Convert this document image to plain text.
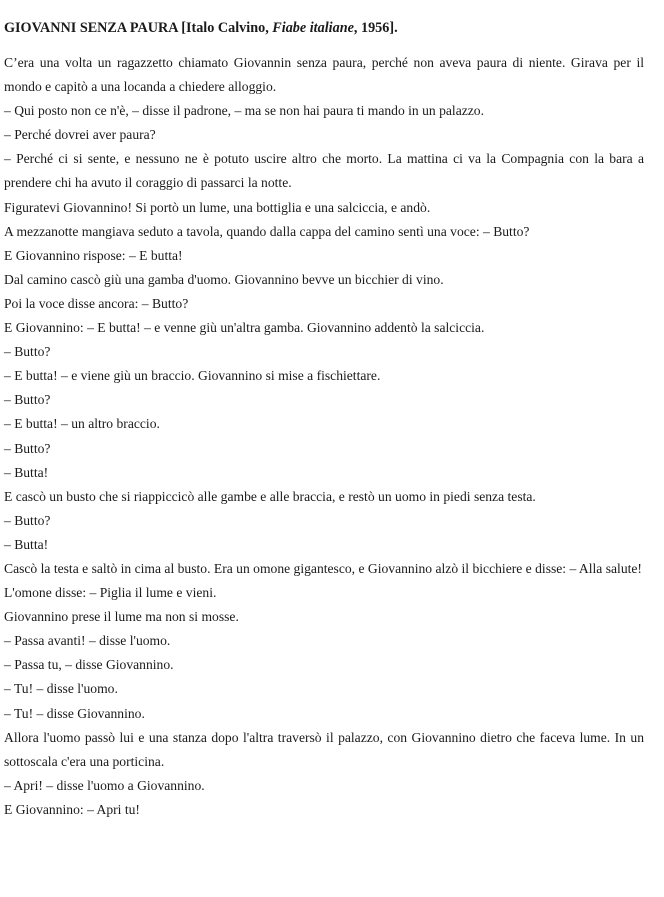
GIOVANNI SENZA PAURA [Italo Calvino, Fiabe italiane, 1956].

C’era una volta un ragazzetto chiamato Giovannin senza paura, perché non aveva paura di niente. Girava per il mondo e capitò a una locanda a chiedere alloggio.

– Qui posto non ce n'è, – disse il padrone, – ma se non hai paura ti mando in un palazzo.

– Perché dovrei aver paura?

– Perché ci si sente, e nessuno ne è potuto uscire altro che morto. La mattina ci va la Compagnia con la bara a prendere chi ha avuto il coraggio di passarci la notte.

Figuratevi Giovannino! Si portò un lume, una bottiglia e una salciccia, e andò.

A mezzanotte mangiava seduto a tavola, quando dalla cappa del camino sentì una voce: – Butto?

E Giovannino rispose: – E butta!

Dal camino cascò giù una gamba d'uomo. Giovannino bevve un bicchier di vino.

Poi la voce disse ancora: – Butto?

E Giovannino: – E butta! – e venne giù un'altra gamba. Giovannino addentò la salciccia.

– Butto?

– E butta! – e viene giù un braccio. Giovannino si mise a fischiettare.

– Butto?

– E butta! – un altro braccio.

– Butto?

– Butta!

E cascò un busto che si riappiccicò alle gambe e alle braccia, e restò un uomo in piedi senza testa.

– Butto?

– Butta!

Cascò la testa e saltò in cima al busto. Era un omone gigantesco, e Giovannino alzò il bicchiere e disse: – Alla salute!

L'omone disse: – Piglia il lume e vieni.

Giovannino prese il lume ma non si mosse.

– Passa avanti! – disse l'uomo.

– Passa tu, – disse Giovannino.

– Tu! – disse l'uomo.

– Tu! – disse Giovannino.

Allora l'uomo passò lui e una stanza dopo l'altra traversò il palazzo, con Giovannino dietro che faceva lume. In un sottoscala c'era una porticina.

– Apri! – disse l'uomo a Giovannino.

E Giovannino: – Apri tu!
